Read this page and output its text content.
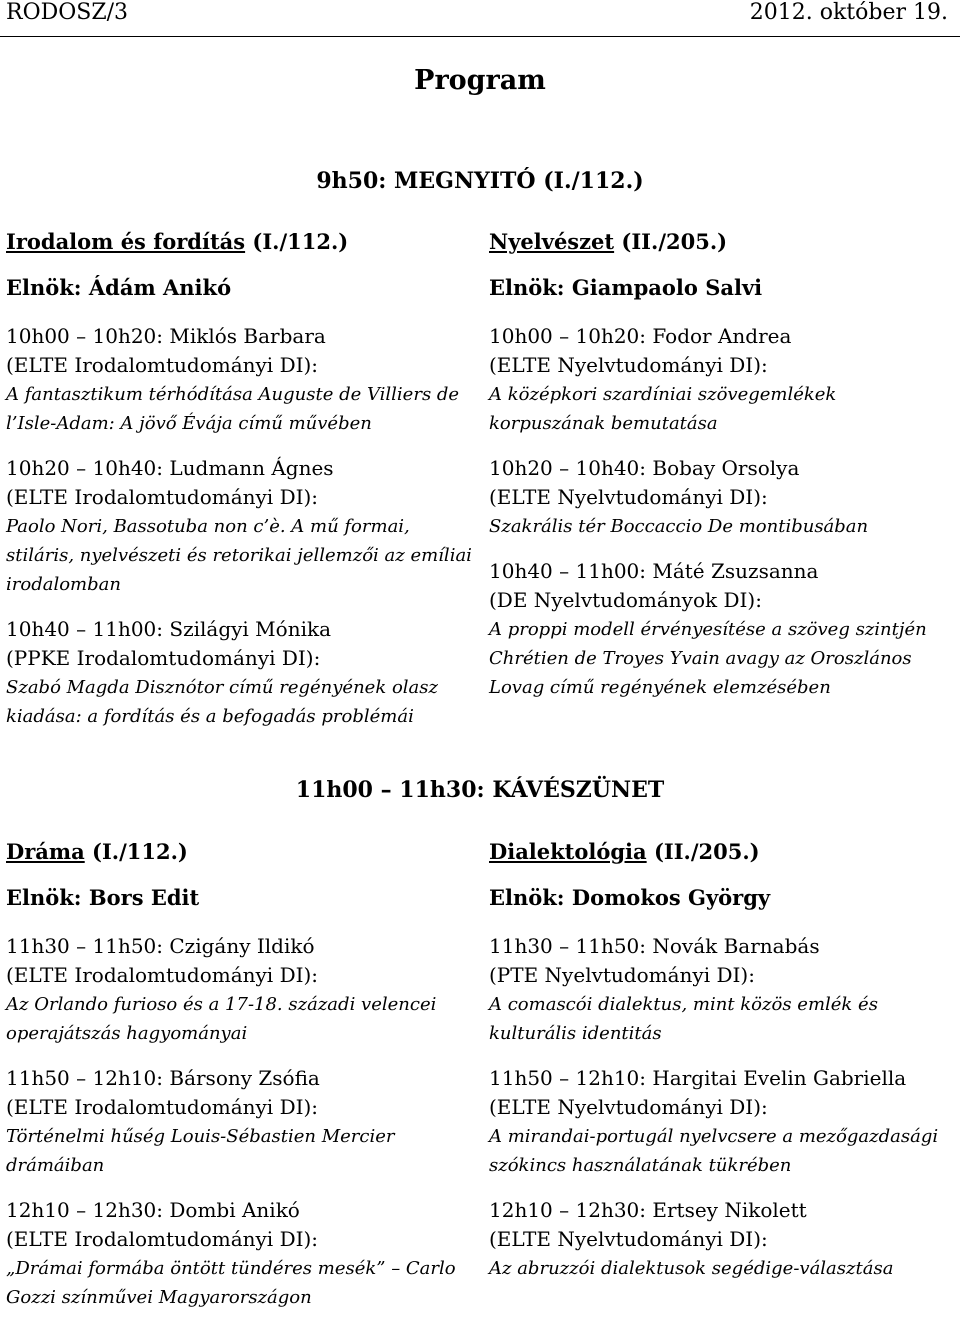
RODOSZ/3	2012. október 19.
Program
9h50: MEGNYITÓ (I./112.)
Irodalom és fordítás (I./112.)
Elnök: Ádám Anikó
10h00 – 10h20: Miklós Barbara
(ELTE Irodalomtudományi DI):
A fantasztikum térhódítása Auguste de Villiers de
l’Isle-Adam: A jövő Évája című művében
10h20 – 10h40: Ludmann Ágnes
(ELTE Irodalomtudományi DI):
Paolo Nori, Bassotuba non c’è. A mű formai,
stiláris, nyelvészeti és retorikai jellemzői az emíliai
irodalomban
10h40 – 11h00: Szilágyi Mónika
(PPKE Irodalomtudományi DI):
Szabó Magda Disznótor című regényének olasz
kiadása: a fordítás és a befogadás problémái
Nyelvészet (II./205.)
Elnök: Giampaolo Salvi
10h00 – 10h20: Fodor Andrea
(ELTE Nyelvtudományi DI):
A középkori szardíniai szövegemlékek
korpuszának bemutatása
10h20 – 10h40: Bobay Orsolya
(ELTE Nyelvtudományi DI):
Szakrális tér Boccaccio De montibusában
10h40 – 11h00: Máté Zsuzsanna
(DE Nyelvtudományok DI):
A proppi modell érvényesítése a szöveg szintjén
Chrétien de Troyes Yvain avagy az Oroszlános
Lovag című regényének elemzésében
11h00 – 11h30: KÁVÉSZÜNET
Dráma (I./112.)
Elnök: Bors Edit
11h30 – 11h50: Czigány Ildikó
(ELTE Irodalomtudományi DI):
Az Orlando furioso és a 17-18. századi velencei
operajátszás hagyományai
11h50 – 12h10: Bársony Zsófia
(ELTE Irodalomtudományi DI):
Történelmi hűség Louis-Sébastien Mercier
drámáiban
12h10 – 12h30: Dombi Anikó
(ELTE Irodalomtudományi DI):
„Drámai formába öntött tündéres mesék” – Carlo
Gozzi színművei Magyarországon
Dialektológia (II./205.)
Elnök: Domokos György
11h30 – 11h50: Novák Barnabás
(PTE Nyelvtudományi DI):
A comascói dialektus, mint közös emlék és
kulturális identitás
11h50 – 12h10: Hargitai Evelin Gabriella
(ELTE Nyelvtudományi DI):
A mirandai-portugál nyelvcsere a mezőgazdasági
szókincs használatának tükrében
12h10 – 12h30: Ertsey Nikolett
(ELTE Nyelvtudományi DI):
Az abruzzói dialektusok segédige-választása
